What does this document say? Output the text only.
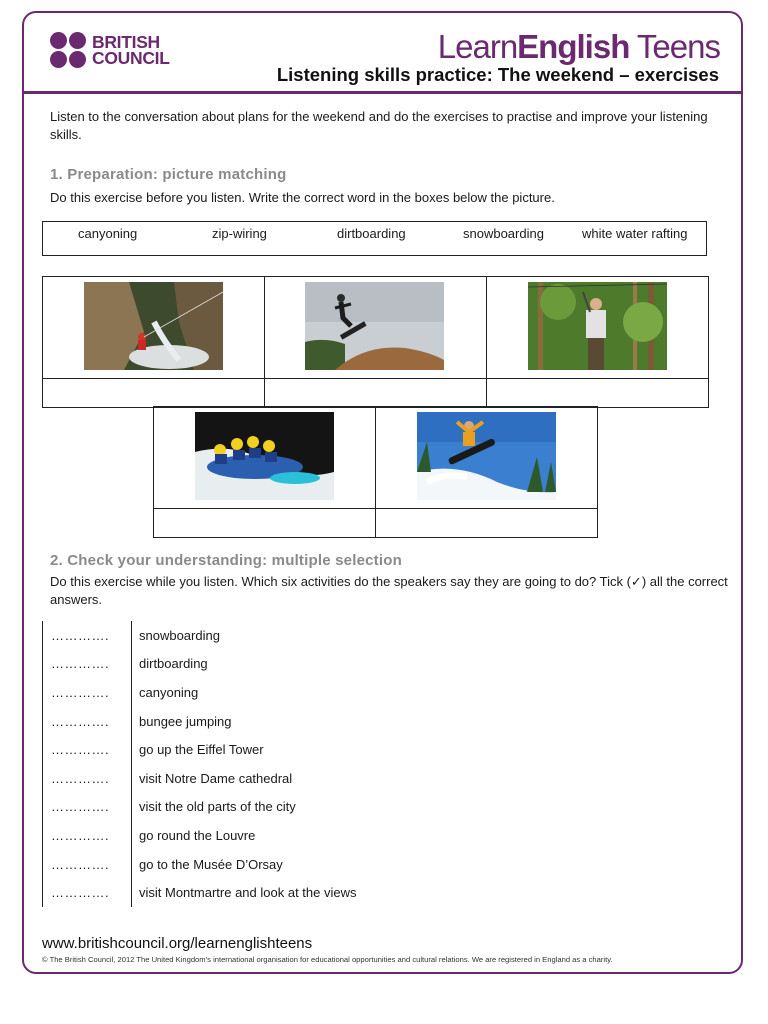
BRITISH
COUNCIL	LearnEnglish Teens
Listening skills practice: The weekend – exercises
Listen to the conversation about plans for the weekend and do the exercises to practise and improve your listening skills.
1. Preparation: picture matching
Do this exercise before you listen. Write the correct word in the boxes below the picture.
canyoning	zip-wiring	dirtboarding	snowboarding	white water rafting

2. Check your understanding: multiple selection
Do this exercise while you listen. Which six activities do the speakers say they are going to do? Tick (✓) all the correct answers.
………….	snowboarding
………….	dirtboarding
………….	canyoning
………….	bungee jumping
………….	go up the Eiffel Tower
………….	visit Notre Dame cathedral
………….	visit the old parts of the city
………….	go round the Louvre
………….	go to the Musée D’Orsay
………….	visit Montmartre and look at the views
www.britishcouncil.org/learnenglishteens
© The British Council, 2012 The United Kingdom’s international organisation for educational opportunities and cultural relations. We are registered in England as a charity.
